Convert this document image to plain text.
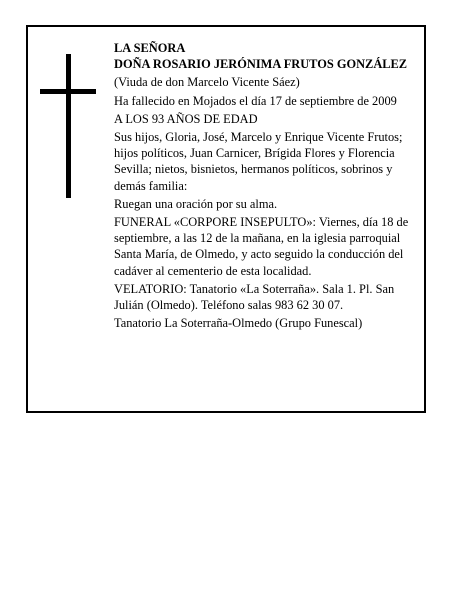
LA SEÑORA

DOÑA ROSARIO JERÓNIMA FRUTOS GONZÁLEZ

(Viuda de don Marcelo Vicente Sáez)

Ha fallecido en Mojados el día 17 de septiembre de 2009

A LOS 93 AÑOS DE EDAD

Sus hijos, Gloria, José, Marcelo y Enrique Vicente Frutos; hijos políticos, Juan Carnicer, Brígida Flores y Florencia Sevilla; nietos, bisnietos, hermanos políticos, sobrinos y demás familia:

Ruegan una oración por su alma.

FUNERAL «CORPORE INSEPULTO»: Viernes, día 18 de septiembre, a las 12 de la mañana, en la iglesia parroquial Santa María, de Olmedo, y acto seguido la conducción del cadáver al cementerio de esta localidad.

VELATORIO: Tanatorio «La Soterraña». Sala 1. Pl. San Julián (Olmedo). Teléfono salas 983 62 30 07.

Tanatorio La Soterraña-Olmedo (Grupo Funescal)
